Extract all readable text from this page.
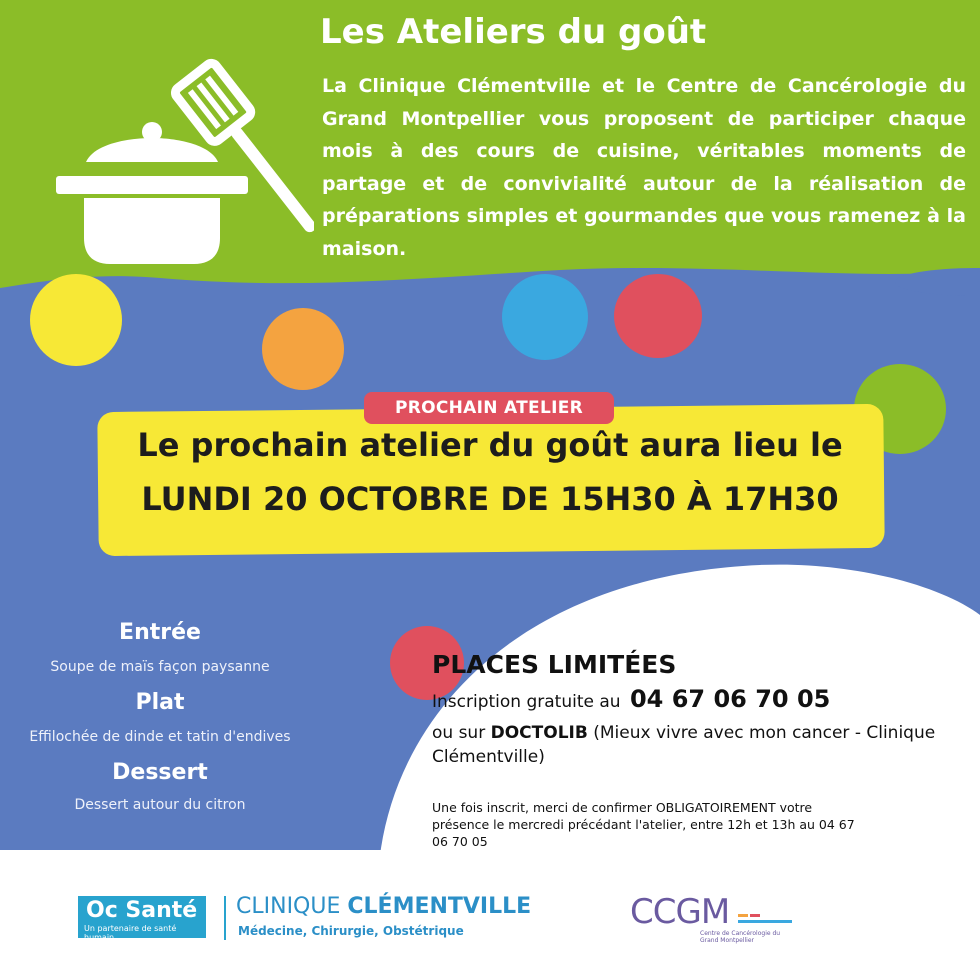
Les Ateliers du goût
La Clinique Clémentville et le Centre de Cancérologie du Grand Montpellier vous proposent de participer chaque mois à des cours de cuisine, véritables moments de partage et de convivialité autour de la réalisation de préparations simples et gourmandes que vous ramenez à la maison.
PROCHAIN ATELIER
Le prochain atelier du goût aura lieu le
LUNDI 20 OCTOBRE DE 15H30 À 17H30
Entrée
Soupe de maïs façon paysanne
Plat
Effilochée de dinde et tatin d'endives
Dessert
Dessert autour du citron
PLACES LIMITÉES
Inscription gratuite au 04 67 06 70 05
ou sur DOCTOLIB (Mieux vivre avec mon cancer - Clinique Clémentville)
Une fois inscrit, merci de confirmer OBLIGATOIREMENT votre présence le mercredi précédant l'atelier, entre 12h et 13h au 04 67 06 70 05
Oc Santé
Un partenaire de santé humain
CLINIQUE CLÉMENTVILLE
Médecine, Chirurgie, Obstétrique	CCGM
Centre de Cancérologie du Grand Montpellier
